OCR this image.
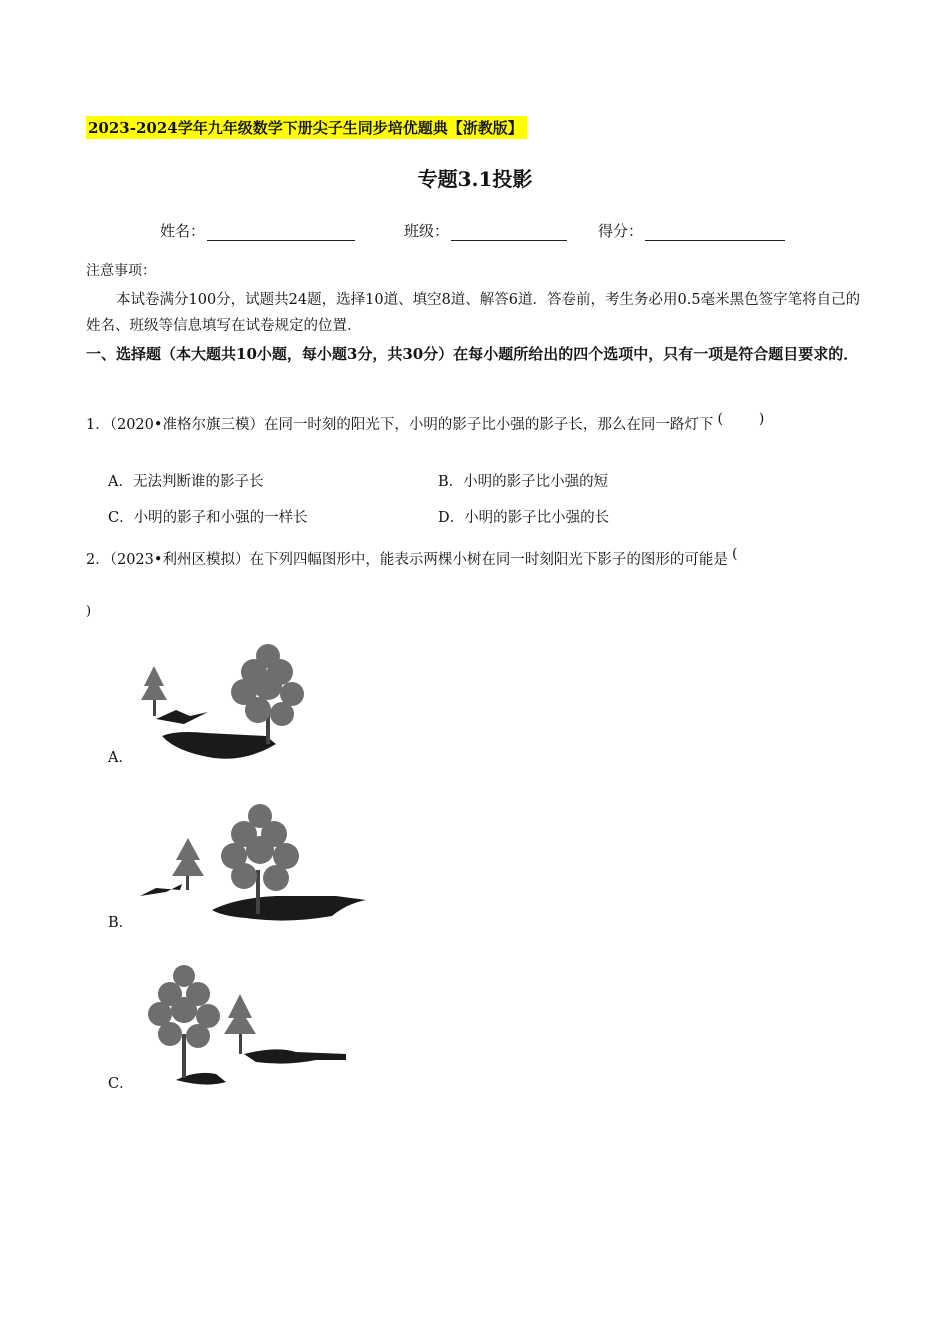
2023-2024学年九年级数学下册尖子生同步培优题典【浙教版】
专题3.1投影
姓名：	班级：	得分：
注意事项：
本试卷满分100分，试题共24题，选择10道、填空8道、解答6道．答卷前，考生务必用0.5毫米黑色签字笔将自己的姓名、班级等信息填写在试卷规定的位置．
一、选择题（本大题共10小题，每小题3分，共30分）在每小题所给出的四个选项中，只有一项是符合题目要求的．
1．（2020•准格尔旗三模）在同一时刻的阳光下，小明的影子比小强的影子长，那么在同一路灯下 (	)
A．无法判断谁的影子长	B．小明的影子比小强的短
C．小明的影子和小强的一样长	D．小明的影子比小强的长
2．（2023•利州区模拟）在下列四幅图形中，能表示两棵小树在同一时刻阳光下影子的图形的可能是 (
)
A．
B．
C．
